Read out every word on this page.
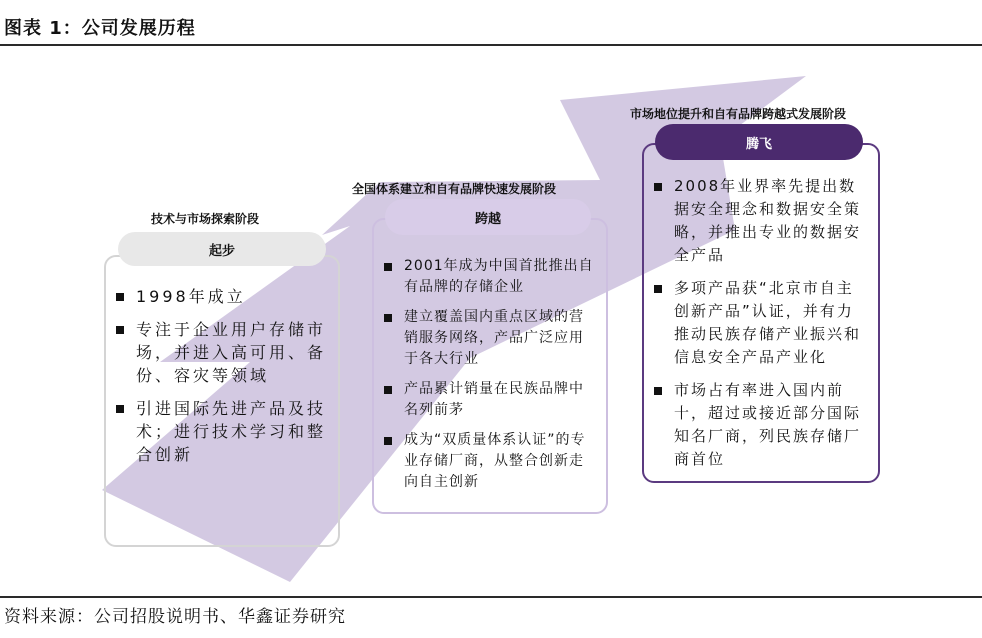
图表 1：公司发展历程
技术与市场探索阶段
起步
1998年成立
专注于企业用户存储市场，并进入高可用、备份、容灾等领域
引进国际先进产品及技术；进行技术学习和整合创新
全国体系建立和自有品牌快速发展阶段
跨越
2001年成为中国首批推出自有品牌的存储企业
建立覆盖国内重点区域的营销服务网络，产品广泛应用于各大行业
产品累计销量在民族品牌中名列前茅
成为“双质量体系认证”的专业存储厂商，从整合创新走向自主创新
市场地位提升和自有品牌跨越式发展阶段
腾飞
2008年业界率先提出数据安全理念和数据安全策略，并推出专业的数据安全产品
多项产品获“北京市自主创新产品”认证，并有力推动民族存储产业振兴和信息安全产品产业化
市场占有率进入国内前十，超过或接近部分国际知名厂商，列民族存储厂商首位
资料来源：公司招股说明书、华鑫证券研究
